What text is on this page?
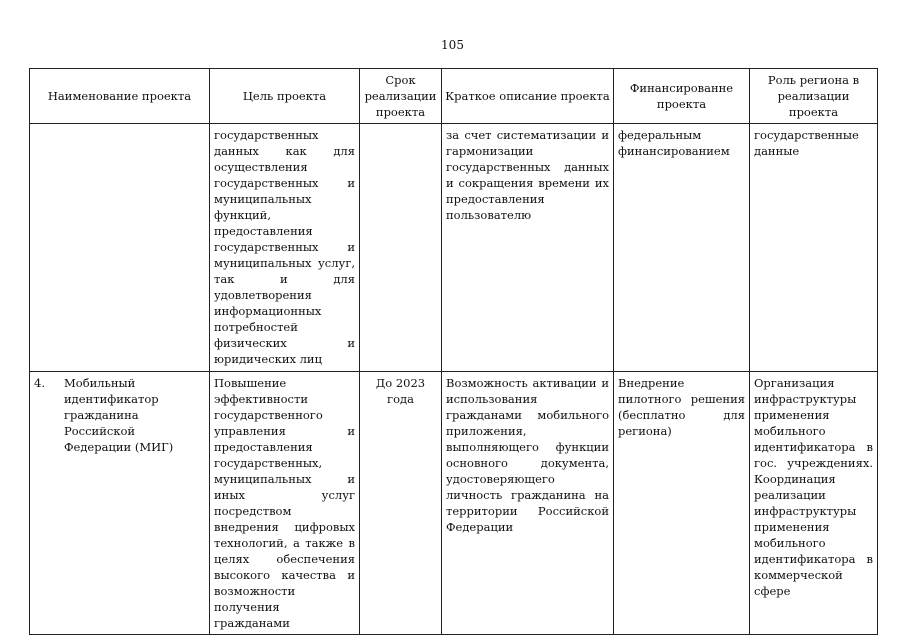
105
Наименование проекта	Цель проекта	Срок реализации проекта	Краткое описание проекта	Финансированне проекта	Роль региона в реализации проекта

	государственных данных как для осуществления государственных и муниципальных функций, предоставления государственных и муниципальных услуг, так и для удовлетворения информационных потребностей физических и юридических лиц		за счет систематизации и гармонизации государственных данных и сокращения времени их предоставления пользователю	федеральным финансированием	государственные данные

4. Мобильный идентификатор гражданина Российской Федерации (МИГ)	Повышение эффективности государственного управления и предоставления государственных, муниципальных и иных услуг посредством внедрения цифровых технологий, а также в целях обеспечения высокого качества и возможности получения гражданами	До 2023 года	Возможность активации и использования гражданами мобильного приложения, выполняющего функции основного документа, удостоверяющего личность гражданина на территории Российской Федерации	Внедрение пилотного решения (бесплатно для региона)	Организация инфраструктуры применения мобильного идентификатора в гос. учреждениях. Координация реализации инфраструктуры применения мобильного идентификатора в коммерческой сфере
